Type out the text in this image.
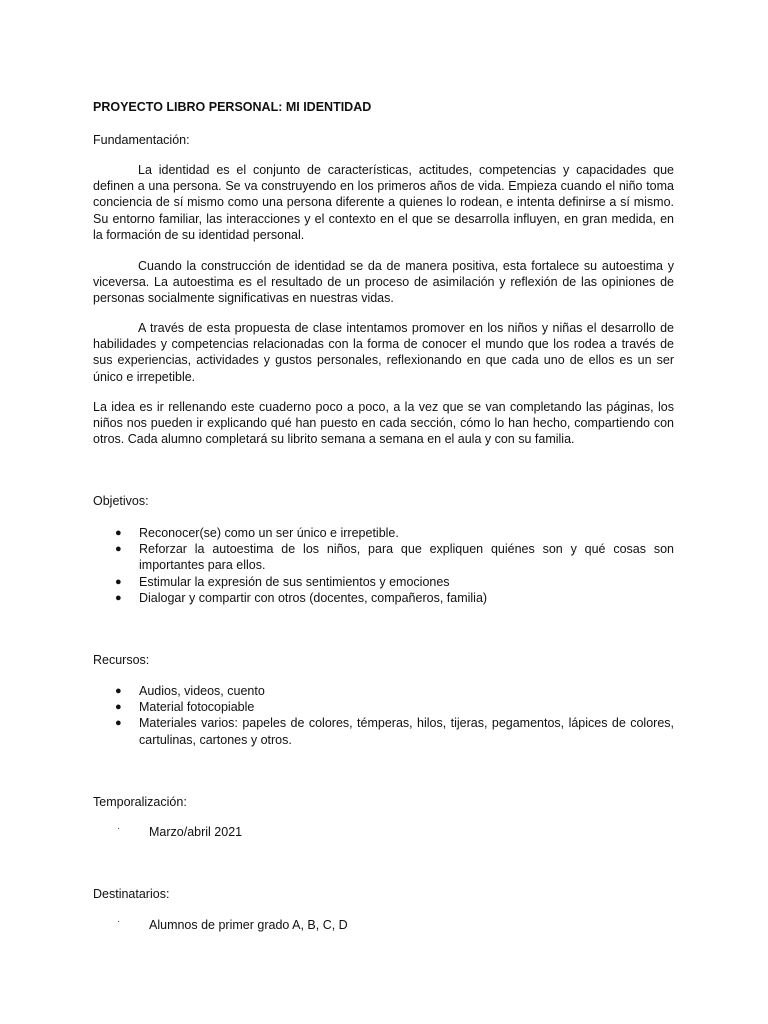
PROYECTO LIBRO PERSONAL: MI IDENTIDAD
Fundamentación:

La identidad es el conjunto de características, actitudes, competencias y capacidades que definen a una persona. Se va construyendo en los primeros años de vida. Empieza cuando el niño toma conciencia de sí mismo como una persona diferente a quienes lo rodean, e intenta definirse a sí mismo. Su entorno familiar, las interacciones y el contexto en el que se desarrolla influyen, en gran medida, en la formación de su identidad personal.

Cuando la construcción de identidad se da de manera positiva, esta fortalece su autoestima y viceversa. La autoestima es el resultado de un proceso de asimilación y reflexión de las opiniones de personas socialmente significativas en nuestras vidas.

A través de esta propuesta de clase intentamos promover en los niños y niñas el desarrollo de habilidades y competencias relacionadas con la forma de conocer el mundo que los rodea a través de sus experiencias, actividades y gustos personales, reflexionando en que cada uno de ellos es un ser único e irrepetible.

La idea es ir rellenando este cuaderno poco a poco, a la vez que se van completando las páginas, los niños nos pueden ir explicando qué han puesto en cada sección, cómo lo han hecho, compartiendo con otros. Cada alumno completará su librito semana a semana en el aula y con su familia.

Objetivos:
● Reconocer(se) como un ser único e irrepetible.
● Reforzar la autoestima de los niños, para que expliquen quiénes son y qué cosas son importantes para ellos.
● Estimular la expresión de sus sentimientos y emociones
● Dialogar y compartir con otros (docentes, compañeros, familia)
Recursos:
● Audios, videos, cuento
● Material fotocopiable
● Materiales varios: papeles de colores, témperas, hilos, tijeras, pegamentos, lápices de colores, cartulinas, cartones y otros.
Temporalización:
· Marzo/abril 2021
Destinatarios:
· Alumnos de primer grado A, B, C, D
